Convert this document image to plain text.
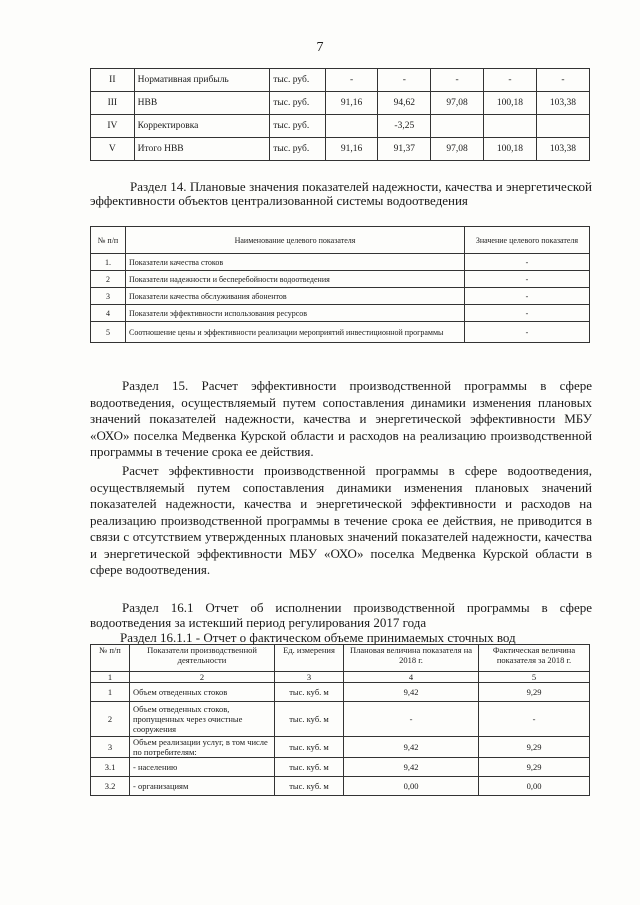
7
II	Нормативная прибыль	тыс. руб.	-	-	-	-	-
III	НВВ	тыс. руб.	91,16	94,62	97,08	100,18	103,38
IV	Корректировка	тыс. руб.		-3,25			
V	Итого НВВ	тыс. руб.	91,16	91,37	97,08	100,18	103,38
Раздел 14. Плановые значения показателей надежности, качества и энергетической эффективности объектов централизованной системы водоотведения
№ п/п	Наименование целевого показателя	Значение целевого показателя
1.	Показатели качества стоков	-
2	Показатели надежности и бесперебойности водоотведения	-
3	Показатели качества обслуживания абонентов	-
4	Показатели эффективности использования ресурсов	-
5	Соотношение цены и эффективности реализации мероприятий инвестиционной программы	-
Раздел 15. Расчет эффективности производственной программы в сфере водоотведения, осуществляемый путем сопоставления динамики изменения плановых значений показателей надежности, качества и энергетической эффективности МБУ «ОХО» поселка Медвенка Курской области и расходов на реализацию производственной программы в течение срока ее действия.
Расчет эффективности производственной программы в сфере водоотведения, осуществляемый путем сопоставления динамики изменения плановых значений показателей надежности, качества и энергетической эффективности и расходов на реализацию производственной программы в течение срока ее действия, не приводится в связи с отсутствием утвержденных плановых значений показателей надежности, качества и энергетической эффективности МБУ «ОХО» поселка Медвенка Курской области в сфере водоотведения.
Раздел 16.1 Отчет об исполнении производственной программы в сфере водоотведения за истекший период регулирования 2017 года
Раздел 16.1.1 - Отчет о фактическом объеме принимаемых сточных вод
№ п/п	Показатели производственной деятельности	Ед. измерения	Плановая величина показателя на 2018 г.	Фактическая величина показателя за 2018 г.
1	2	3	4	5
1	Объем отведенных стоков	тыс. куб. м	9,42	9,29
2	Объем отведенных стоков, пропущенных через очистные сооружения	тыс. куб. м	-	-
3	Объем реализации услуг, в том числе по потребителям:	тыс. куб. м	9,42	9,29
3.1	- населению	тыс. куб. м	9,42	9,29
3.2	- организациям	тыс. куб. м	0,00	0,00
